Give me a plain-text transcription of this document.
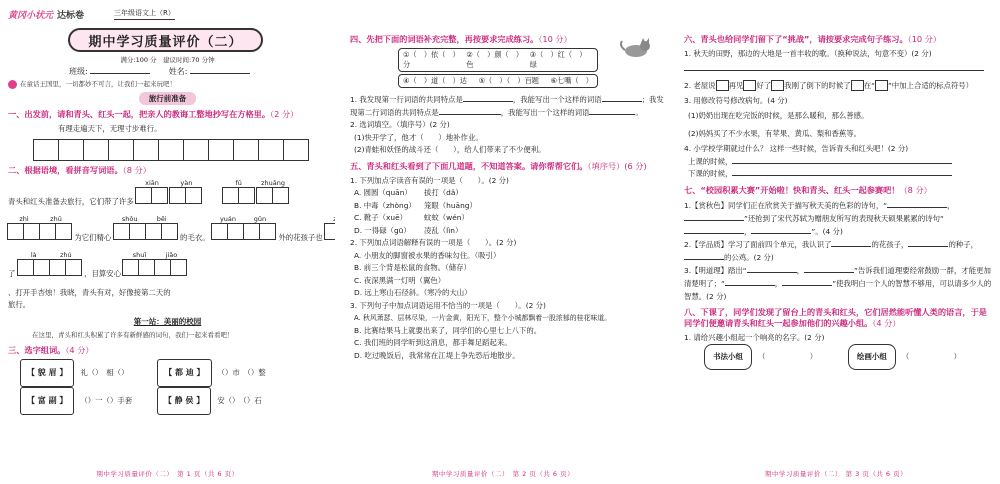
黄冈小状元 达标卷	三年级语文上（R）
期中学习质量评价（二）
满分:100 分　建议时间:70 分钟
班级:	姓名:
在童话王国里，一切都妙不可言，让我们一起来玩吧！
旅行前准备
一、出发前，请和青头、红头一起，把亲人的教诲工整地抄写在方格里。（2 分）
有理走遍天下，无理寸步难行。
二、根据语境，看拼音写词语。（8 分）
青头和红头准备去旅行，它们带了许多
xiān
	yàn
	fū
	zhuāng
zhì	zhū
为它们精心
shǒu	bēi
的毛衣。
yuán	gǔn
外的花孩子也
了
là	zhú
，目算安心
shuǐ	jiǎo
、打开手杏烛！我晓，青头有对，好像接第二天的
旅行。
第一站：美丽的校园
在这里，青头和红头积累了许多有新鲜感的词句，我们一起来看看吧！
三、选字组词。（4 分）
【 貌 眉 】 礼（）　 相（）	【 都 迪 】 （）市　 （）整
【 富 副 】 （）一（）手套	【 静 侯 】 安（）　 （）石
期中学习质量评价（二）　第 1 页（共 6 页）
四、先把下面的词语补充完整，再按要求完成练习。（10 分）
①（　）依（　）分
②（　）颜（　）色
③（　）红（　）绿
④（　）道（　）达 ⑤（　）（　）百题 ⑥七嘴（　）
1. 我发现第一行词语的共同特点是	，我能写出一个这样的词语	；我发
现第二行词语的共同特点是	，我能写出一个这样的词语	。
2. 选词填空。（填序号）(2 分)
(1)快开学了，他才（　　）地补作业。
(2)青蛙和妖怪的战斗还（　　），给人们带来了不少便利。
五、青头和红头看到了下面几道题，不知道答案。请你帮帮它们。（填序号）(6 分)
1. 下列加点字读音有误的一项是（　　）。(2 分)
A. 圆圆（quān） 拔打（dǎ）
B. 中毒（zhòng） 笼眼（huāng）
C. 靴子（xuē） 蚊蚊（wén）
D. 一得碌（gū） 凌乱（lìn）
2. 下列加点词语解释有误的一项是（　　）。(2 分)
A. 小朋友的脚窗被水果的香味勾住。（吸引）
B. 前三个背是松鼠的食物。（储存）
C. 夜深黑满一灯明（翼色）
D. 远上寒山石径斜。（寒冷的大山）
3. 下列句子中加点词语运用不恰当的一项是（　　）。(2 分)
A. 秋风萧瑟、层林尽染，一片金黄，阳光下，整个小城都飘着一股浓郁的桂花味道。
B. 比赛结果马上就要出来了，同学们的心里七上八下的。
C. 我们班的同学听到这消息，都手舞足蹈起来。
D. 吃过晚饭后，我常常在江堤上争先恐后地散步。
期中学习质量评价（二）　第 2 页（共 6 页）
六、青头也给同学们留下了“挑战”，请按要求完成句子练习。（10 分）
1. 秋天的田野，那边的大地是一首丰收的歌。（换种说法，句意不变）(2 分)
2. 老屋说 再见 好了 我刚了倒下的时候了 在“ ”中加上合适的标点符号）
3. 用修改符号修改病句。(4 分)
(1)奶奶出现在吃完饭的时候，是那么暖和，那么善感。
(2)妈妈买了不少水果，有苹果、黄瓜、梨和香蕉等。
4. 小学校学期就过什么？ 这样一些时候，告诉青头和红头吧！(2 分)
上课的时候，
下课的时候，
七、“校园积累大赛”开始啦！快和青头、红头一起参赛吧！（8 分）
1.【赏秋色】同学们正在欣赏关于描写秋天美的色彩的诗句，“	，”还抢到了宋代苏轼为赠朋友所写的表现秋天硕果累累的诗句“，	”。(4 分)
2.【学品质】学习了面前四个单元，我认识了	的花孩子，	的种子，的公鸡。(2 分)
3.【明道理】踏出“	，	”告诉我们道理要经常鼓励一群，才能更加清楚明了；“	，	”使我明白一个人的智慧不够用，可以请多少人的智慧。(2 分)
八、下课了，同学们发现了留台上的青头和红头，它们居然能听懂人类的语言，于是同学们便邀请青头和红头一起参加他们的兴趣小组。（4 分）
1. 请给兴趣小组起一个响亮的名字。(2 分)
书法小组 （　　　　　　）	绘画小组 （　　　　　　）
期中学习质量评价（二）　第 3 页（共 6 页）
